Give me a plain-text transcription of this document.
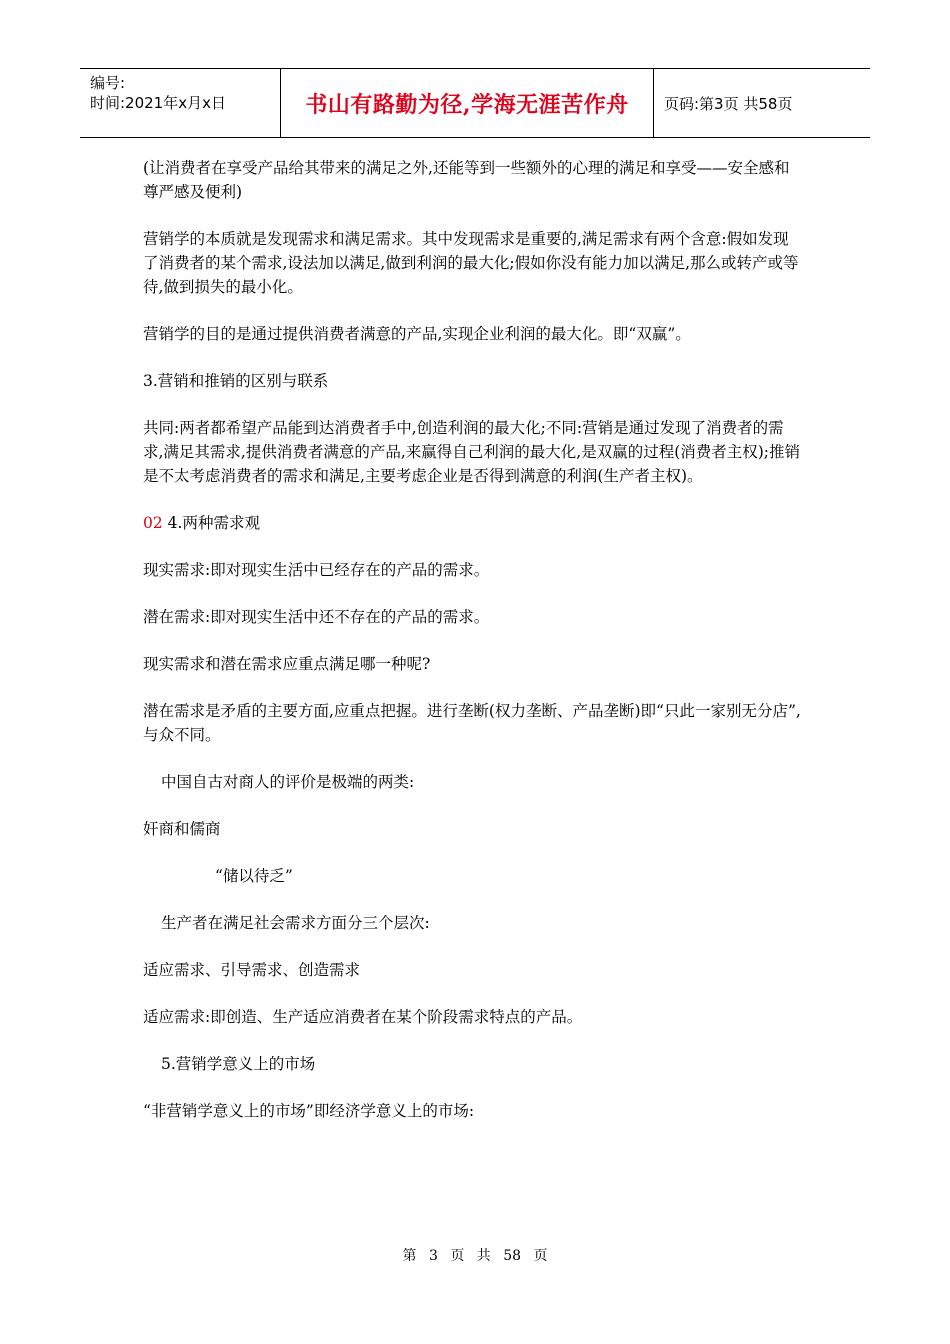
编号:
时间:2021年x月x日	书山有路勤为径,学海无涯苦作舟	页码:第3页 共58页

(让消费者在享受产品给其带来的满足之外,还能等到一些额外的心理的满足和享受——安全感和尊严感及便利)

营销学的本质就是发现需求和满足需求。其中发现需求是重要的,满足需求有两个含意:假如发现了消费者的某个需求,设法加以满足,做到利润的最大化;假如你没有能力加以满足,那么或转产或等待,做到损失的最小化。

营销学的目的是通过提供消费者满意的产品,实现企业利润的最大化。即“双赢”。

3.营销和推销的区别与联系

共同:两者都希望产品能到达消费者手中,创造利润的最大化;不同:营销是通过发现了消费者的需求,满足其需求,提供消费者满意的产品,来赢得自己利润的最大化,是双赢的过程(消费者主权);推销是不太考虑消费者的需求和满足,主要考虑企业是否得到满意的利润(生产者主权)。

02 4.两种需求观

现实需求:即对现实生活中已经存在的产品的需求。

潜在需求:即对现实生活中还不存在的产品的需求。

现实需求和潜在需求应重点满足哪一种呢?

潜在需求是矛盾的主要方面,应重点把握。进行垄断(权力垄断、产品垄断)即“只此一家别无分店”,与众不同。

中国自古对商人的评价是极端的两类:

奸商和儒商

“储以待乏”

生产者在满足社会需求方面分三个层次:

适应需求、引导需求、创造需求

适应需求:即创造、生产适应消费者在某个阶段需求特点的产品。

5.营销学意义上的市场

“非营销学意义上的市场”即经济学意义上的市场:

第 3 页 共 58 页
